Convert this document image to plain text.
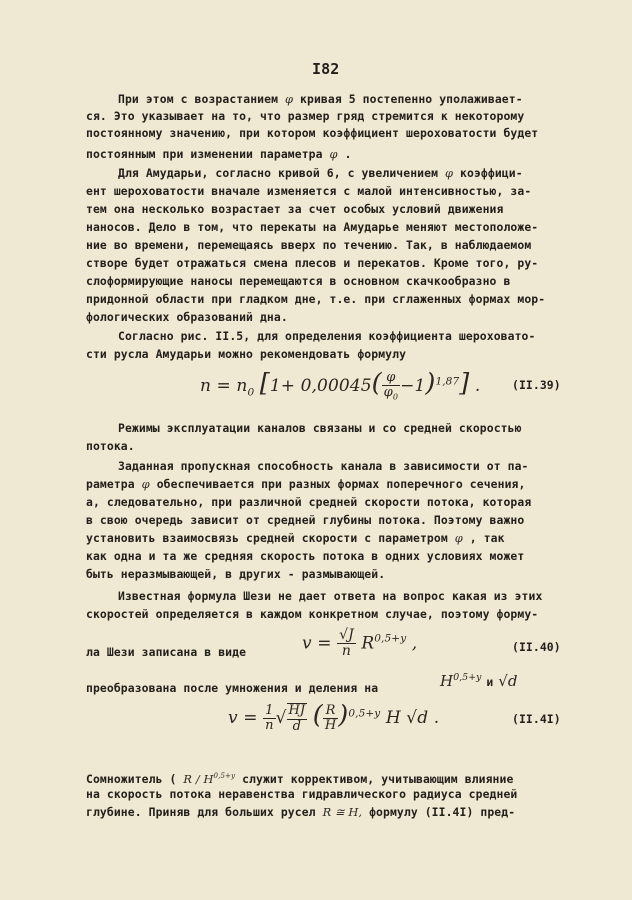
I82
При этом с возрастанием φ кривая 5 постепенно уполаживает-
ся. Это указывает на то, что размер гряд стремится к некоторому
постоянному значению, при котором коэффициент шероховатости будет
постоянным при изменении параметра φ .
Для Амударьи, согласно кривой 6, с увеличением φ коэффици-
ент шероховатости вначале изменяется с малой интенсивностью, за-
тем она несколько возрастает за счет особых условий движения
наносов. Дело в том, что перекаты на Амударье меняют местоположе-
ние во времени, перемещаясь вверх по течению. Так, в наблюдаемом
створе будет отражаться смена плесов и перекатов. Кроме того, ру-
слоформирующие наносы перемещаются в основном скачкообразно в
придонной области при гладком дне, т.е. при сглаженных формах мор-
фологических образований дна.
Согласно рис. II.5, для определения коэффициента шероховато-
сти русла Амударьи можно рекомендовать формулу
$n = n_0$ $[1+ 0,00045( \frac{\varphi}{\varphi_0} -1)^{1,87}]$ .	(II.39)
Режимы эксплуатации каналов связаны и со средней скоростью
потока.
Заданная пропускная способность канала в зависимости от па-
раметра φ обеспечивается при разных формах поперечного сечения,
а, следовательно, при различной средней скорости потока, которая
в свою очередь зависит от средней глубины потока. Поэтому важно
установить взаимосвязь средней скорости с параметром φ , так
как одна и та же средняя скорость потока в одних условиях может
быть неразмывающей, в других - размывающей.
Известная формула Шези не дает ответа на вопрос какая из этих
скоростей определяется в каждом конкретном случае, поэтому форму-
ла Шези записана в виде	$v = \frac{√J}{n} R^{0,5+y}$ ,	(II.40)
преобразована после умножения и деления на	$H^{0,5+y}$ и √d
$v = \frac{1}{n}$ √ $\frac{HJ}{d}$ ( $\frac{R}{H} )^{0,5+y}$ H √d .	(II.4I)
Сомножитель ( R / $H^{0,5+y}$ служит коррективом, учитывающим влияние
на скорость потока неравенства гидравлического радиуса средней
глубине. Приняв для больших русел R ≅ H, формулу (II.4I) пред-
